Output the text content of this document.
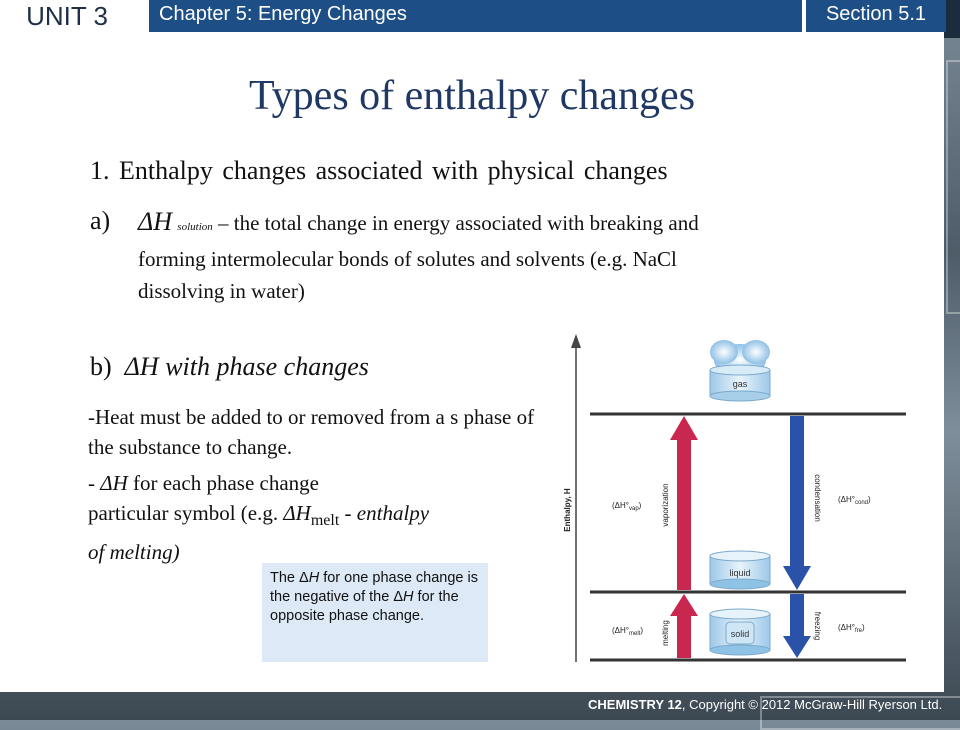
UNIT 3	Chapter 5: Energy Changes	Section 5.1
Types of enthalpy changes
1. Enthalpy changes associated with physical changes
a) ΔH solution – the total change in energy associated with breaking and
forming intermolecular bonds of solutes and solvents (e.g. NaCl
dissolving in water)
b)  ΔH with phase changes
-Heat must be added to or removed from a s phase of the substance to change.
- ΔH for each phase change
particular symbol (e.g. $\Delta H_{melt}$ - enthalpy
of melting)
The ΔH for one phase change is the negative of the ΔH for the opposite phase change.
Enthalpy, H
gas
liquid
solid
vaporization
$(\Delta H^\circ_{vap})$	condensation $(\Delta H^\circ_{cond})$
melting
$(\Delta H^\circ_{melt})$	freezing $(\Delta H^\circ_{fre})$
CHEMISTRY 12, Copyright © 2012 McGraw-Hill Ryerson Ltd.
